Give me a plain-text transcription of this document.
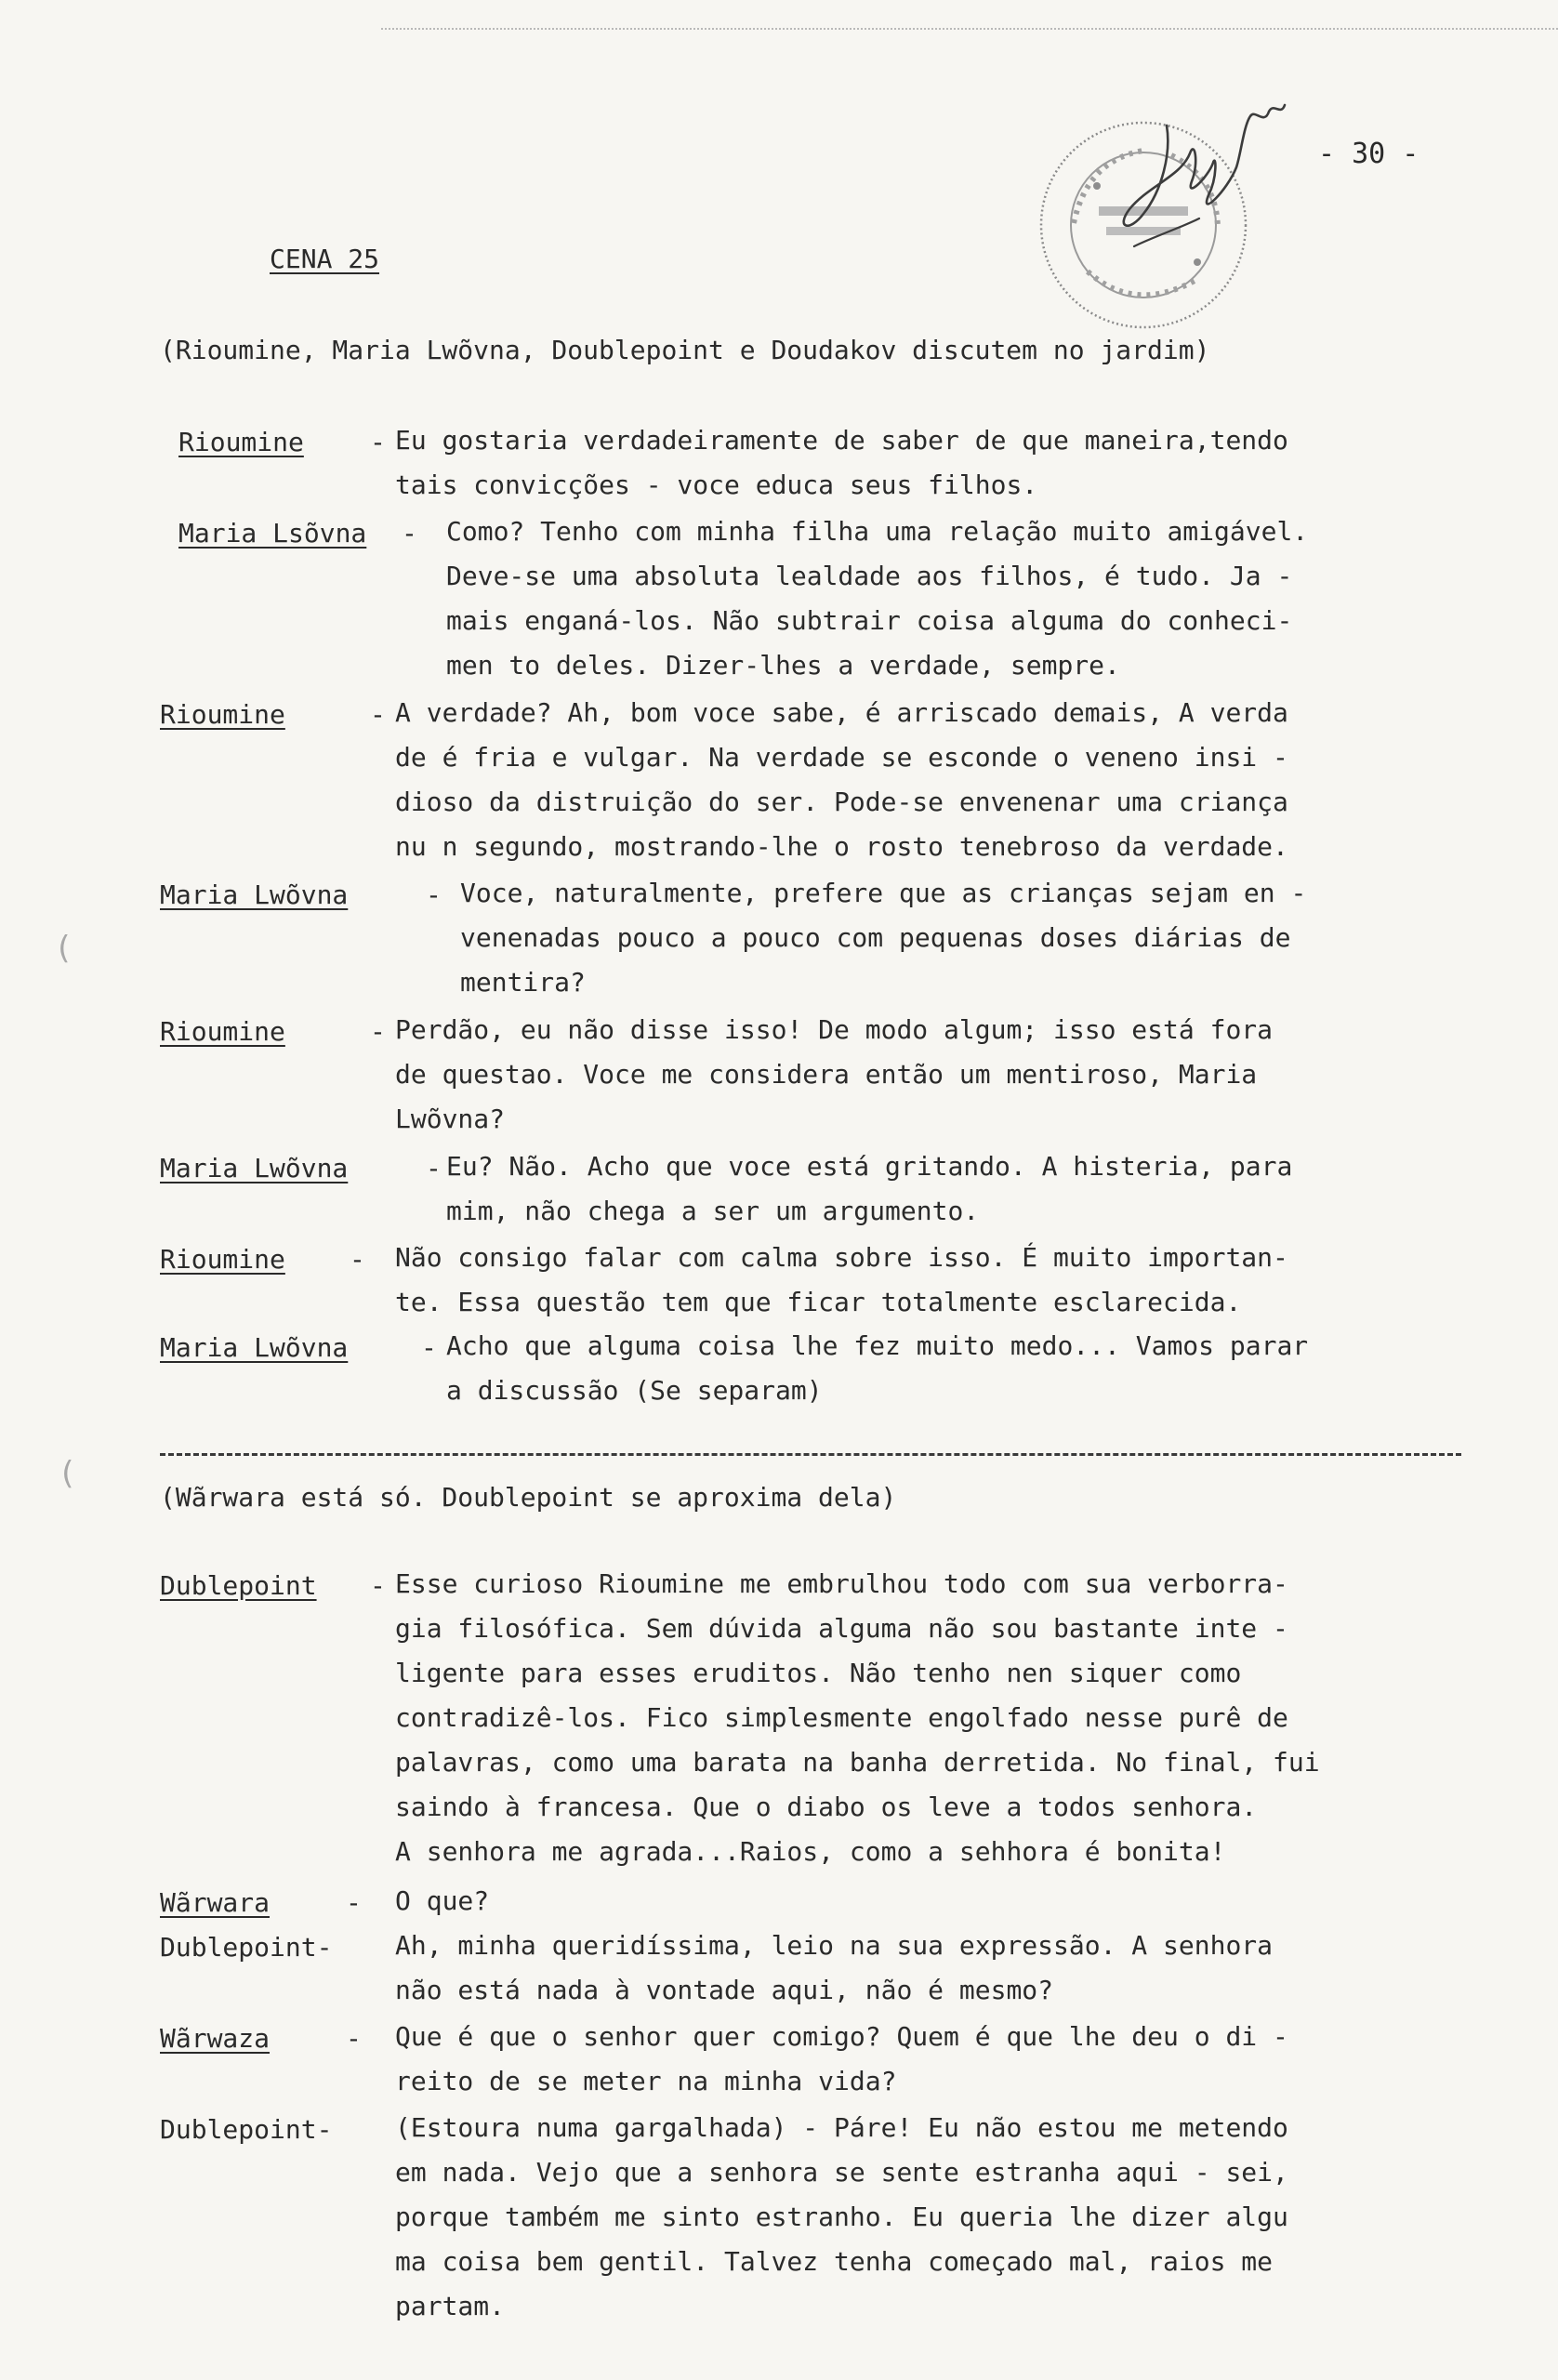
- 30 -
CENA 25
(Rioumine, Maria Lwõvna, Doublepoint e Doudakov discutem no jardim)
Rioumine	- Eu gostaria verdadeiramente de saber de que maneira,tendo
tais convicções - voce educa seus filhos.

Maria Lsõvna - Como? Tenho com minha filha uma relação muito amigável.
Deve-se uma absoluta lealdade aos filhos, é tudo. Ja -
mais enganá-los. Não subtrair coisa alguma do conheci-
men to deles. Dizer-lhes a verdade, sempre.

Rioumine	- A verdade? Ah, bom voce sabe, é arriscado demais, A verda
de é fria e vulgar. Na verdade se esconde o veneno insi -
dioso da distruição do ser. Pode-se envenenar uma criança
nu n segundo, mostrando-lhe o rosto tenebroso da verdade.

Maria Lwõvna	- Voce, naturalmente, prefere que as crianças sejam en -
venenadas pouco a pouco com pequenas doses diárias de
mentira?

Rioumine	- Perdão, eu não disse isso! De modo algum; isso está fora
de questao. Voce me considera então um mentiroso, Maria
Lwõvna?

Maria Lwõvna	- Eu? Não. Acho que voce está gritando. A histeria, para
mim, não chega a ser um argumento.

Rioumine - Não consigo falar com calma sobre isso. É muito importan-
te. Essa questão tem que ficar totalmente esclarecida.

Maria Lwõvna	- Acho que alguma coisa lhe fez muito medo... Vamos parar
a discussão (Se separam)

(Wãrwara está só. Doublepoint se aproxima dela)
Dublepoint - Esse curioso Rioumine me embrulhou todo com sua verborra-
gia filosófica. Sem dúvida alguma não sou bastante inte -
ligente para esses eruditos. Não tenho nen siquer como
contradizê-los. Fico simplesmente engolfado nesse purê de
palavras, como uma barata na banha derretida. No final, fui
saindo à francesa. Que o diabo os leve a todos senhora.
A senhora me agrada...Raios, como a sehhora é bonita!

Wãrwara	- O que?

Dublepoint- Ah, minha queridíssima, leio na sua expressão. A senhora
não está nada à vontade aqui, não é mesmo?

Wãrwaza	- Que é que o senhor quer comigo? Quem é que lhe deu o di -
reito de se meter na minha vida?

Dublepoint- (Estoura numa gargalhada) - Páre! Eu não estou me metendo
em nada. Vejo que a senhora se sente estranha aqui - sei,
porque também me sinto estranho. Eu queria lhe dizer algu
ma coisa bem gentil. Talvez tenha começado mal, raios me
partam.

(
(
